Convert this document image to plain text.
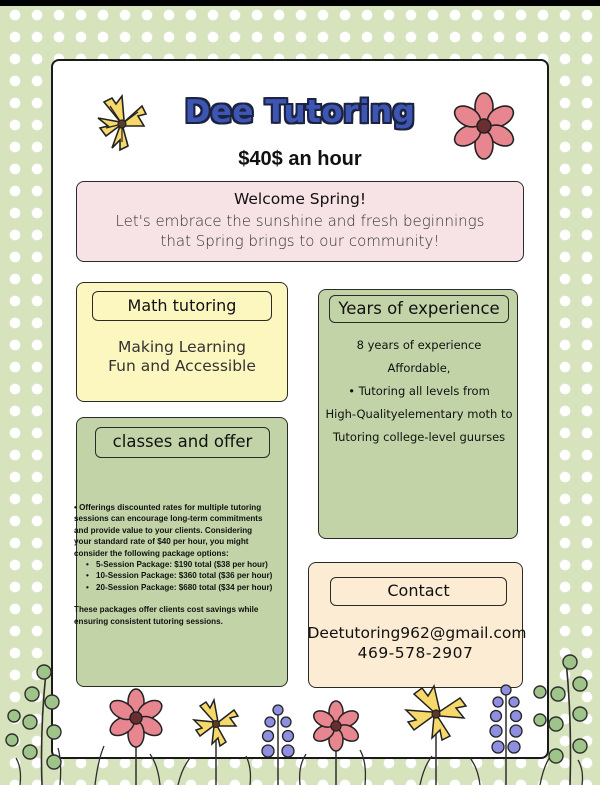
Dee Tutoring
$40$ an hour
Welcome Spring!
Let's embrace the sunshine and fresh beginnings
that Spring brings to our community!
Math tutoring
Making Learning
Fun and Accessible
Years of experience
8 years of experience
Affordable,
• Tutoring all levels from
High-Qualityelementary moth to
Tutoring college-level guurses
classes and offer
• Offerings discounted rates for multiple tutoring
sessions can encourage long-term commitments
and provide value to your clients. Considering
your standard rate of $40 per hour, you might
consider the following package options:
• 5-Session Package: $190 total ($38 per hour)
• 10-Session Package: $360 total ($36 per hour)
• 20-Session Package: $680 total ($34 per hour)
These packages offer clients cost savings while
ensuring consistent tutoring sessions.
Contact
Deetutoring962@gmail.com
469-578-2907
